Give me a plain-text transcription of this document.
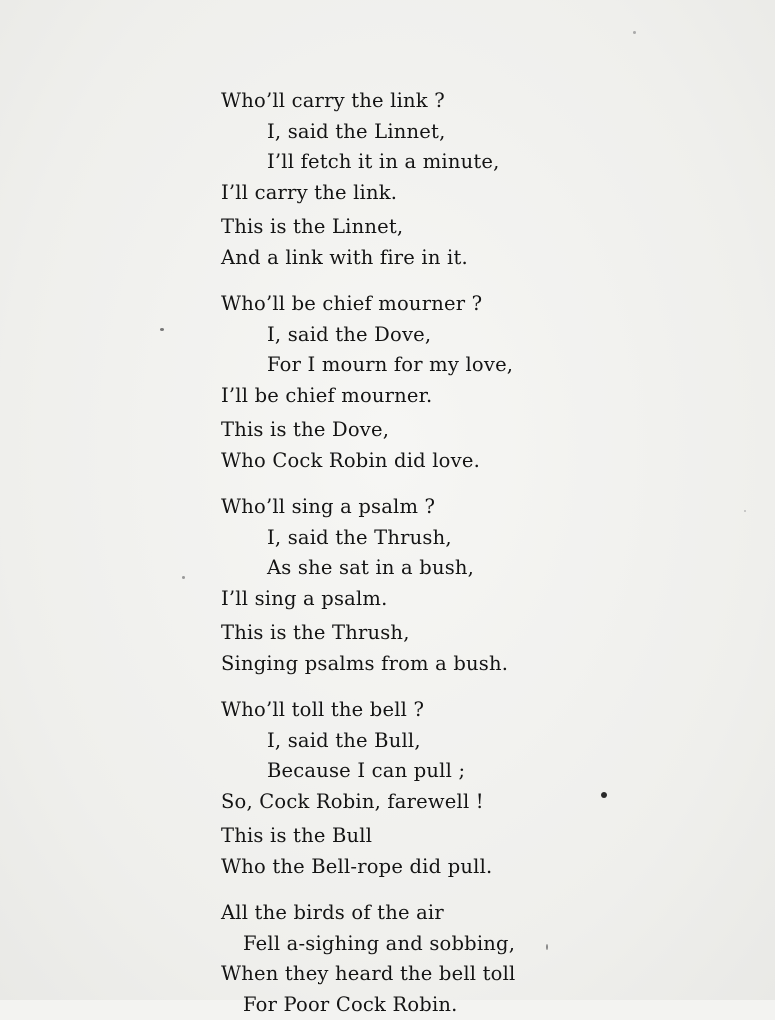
Who’ll carry the link ?
I, said the Linnet,
I’ll fetch it in a minute,
I’ll carry the link.
This is the Linnet,
And a link with fire in it.
Who’ll be chief mourner ?
I, said the Dove,
For I mourn for my love,
I’ll be chief mourner.
This is the Dove,
Who Cock Robin did love.
Who’ll sing a psalm ?
I, said the Thrush,
As she sat in a bush,
I’ll sing a psalm.
This is the Thrush,
Singing psalms from a bush.
Who’ll toll the bell ?
I, said the Bull,
Because I can pull ;
So, Cock Robin, farewell !
This is the Bull
Who the Bell-rope did pull.
All the birds of the air
Fell a-sighing and sobbing,
When they heard the bell toll
For Poor Cock Robin.
